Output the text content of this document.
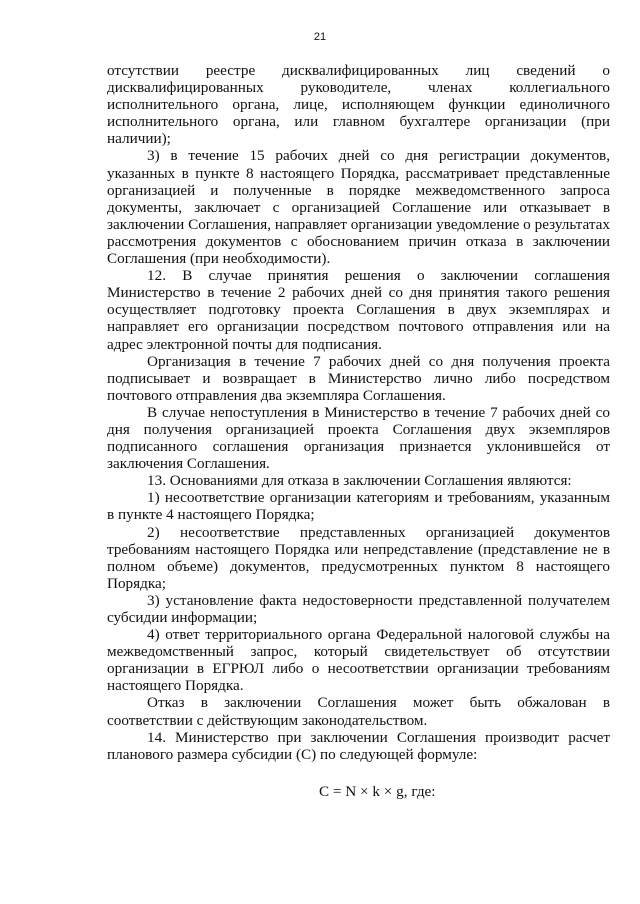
21

отсутствии реестре дисквалифицированных лиц сведений о дисквалифицированных руководителе, членах коллегиального исполнительного органа, лице, исполняющем функции единоличного исполнительного органа, или главном бухгалтере организации (при наличии);

3) в течение 15 рабочих дней со дня регистрации документов, указанных в пункте 8 настоящего Порядка, рассматривает представленные организацией и полученные в порядке межведомственного запроса документы, заключает с организацией Соглашение или отказывает в заключении Соглашения, направляет организации уведомление о результатах рассмотрения документов с обоснованием причин отказа в заключении Соглашения (при необходимости).

12. В случае принятия решения о заключении соглашения Министерство в течение 2 рабочих дней со дня принятия такого решения осуществляет подготовку проекта Соглашения в двух экземплярах и направляет его организации посредством почтового отправления или на адрес электронной почты для подписания.

Организация в течение 7 рабочих дней со дня получения проекта подписывает и возвращает в Министерство лично либо посредством почтового отправления два экземпляра Соглашения.

В случае непоступления в Министерство в течение 7 рабочих дней со дня получения организацией проекта Соглашения двух экземпляров подписанного соглашения организация признается уклонившейся от заключения Соглашения.

13. Основаниями для отказа в заключении Соглашения являются:

1) несоответствие организации категориям и требованиям, указанным в пункте 4 настоящего Порядка;

2) несоответствие представленных организацией документов требованиям настоящего Порядка или непредставление (представление не в полном объеме) документов, предусмотренных пунктом 8 настоящего Порядка;

3) установление факта недостоверности представленной получателем субсидии информации;

4) ответ территориального органа Федеральной налоговой службы на межведомственный запрос, который свидетельствует об отсутствии организации в ЕГРЮЛ либо о несоответствии организации требованиям настоящего Порядка.

Отказ в заключении Соглашения может быть обжалован в соответствии с действующим законодательством.

14. Министерство при заключении Соглашения производит расчет планового размера субсидии (С) по следующей формуле:

С = N × k × g, где:
